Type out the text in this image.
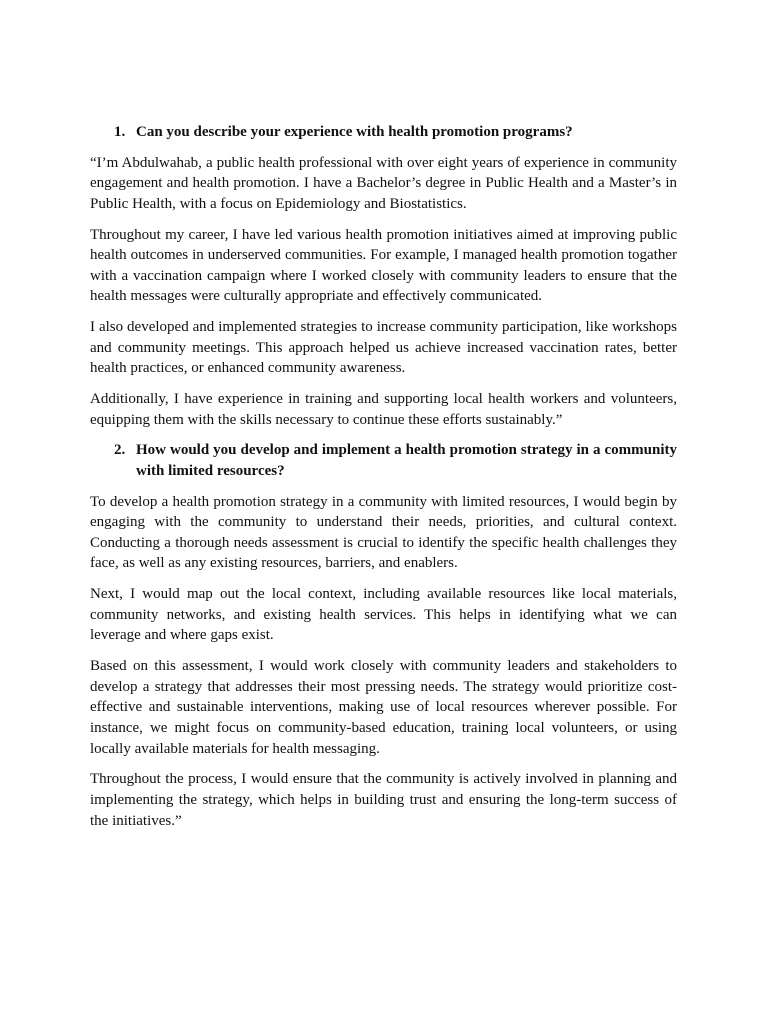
1. Can you describe your experience with health promotion programs?

“I’m Abdulwahab, a public health professional with over eight years of experience in community engagement and health promotion. I have a Bachelor’s degree in Public Health and a Master’s in Public Health, with a focus on Epidemiology and Biostatistics.

Throughout my career, I have led various health promotion initiatives aimed at improving public health outcomes in underserved communities. For example, I managed health promotion togather with a vaccination campaign where I worked closely with community leaders to ensure that the health messages were culturally appropriate and effectively communicated.

I also developed and implemented strategies to increase community participation, like workshops and community meetings. This approach helped us achieve increased vaccination rates, better health practices, or enhanced community awareness.

Additionally, I have experience in training and supporting local health workers and volunteers, equipping them with the skills necessary to continue these efforts sustainably.”

2. How would you develop and implement a health promotion strategy in a community with limited resources?

To develop a health promotion strategy in a community with limited resources, I would begin by engaging with the community to understand their needs, priorities, and cultural context. Conducting a thorough needs assessment is crucial to identify the specific health challenges they face, as well as any existing resources, barriers, and enablers.

Next, I would map out the local context, including available resources like local materials, community networks, and existing health services. This helps in identifying what we can leverage and where gaps exist.

Based on this assessment, I would work closely with community leaders and stakeholders to develop a strategy that addresses their most pressing needs. The strategy would prioritize cost-effective and sustainable interventions, making use of local resources wherever possible. For instance, we might focus on community-based education, training local volunteers, or using locally available materials for health messaging.

Throughout the process, I would ensure that the community is actively involved in planning and implementing the strategy, which helps in building trust and ensuring the long-term success of the initiatives.”
